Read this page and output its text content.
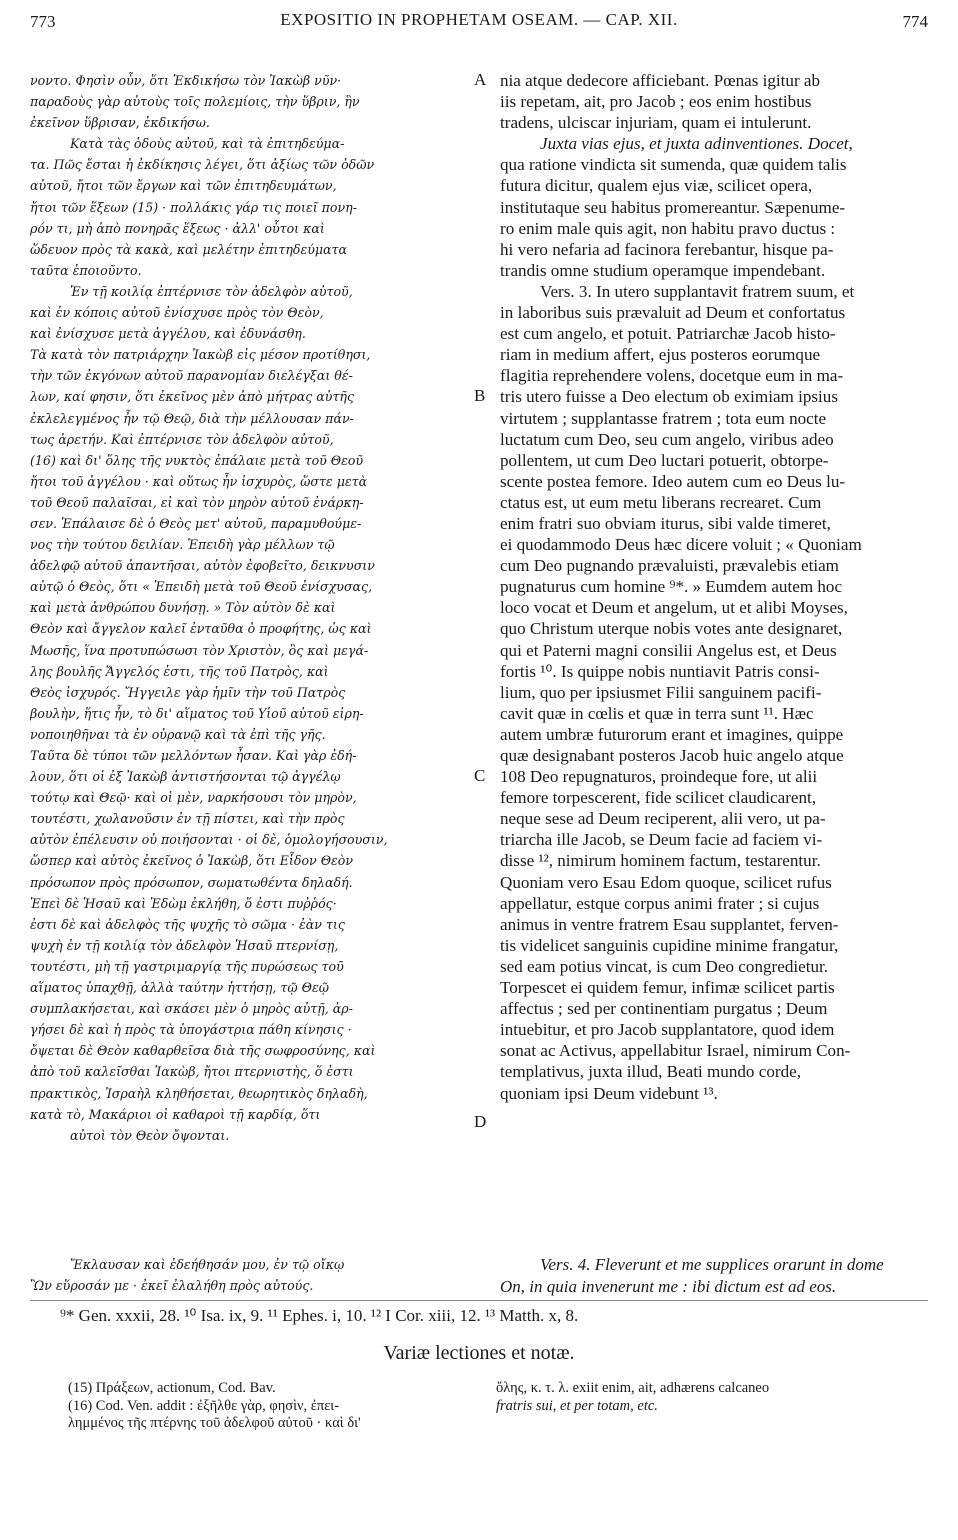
773	EXPOSITIO IN PROPHETAM OSEAM. — CAP. XII.	774
νοντο. Φησὶν οὖν, ὅτι Ἐκδικήσω τὸν Ἰακὼβ νῦν·
παραδοὺς γὰρ αὐτοὺς τοῖς πολεμίοις, τὴν ὕβριν, ἣν
ἐκεῖνον ὕβρισαν, ἐκδικήσω.
Κατὰ τὰς ὁδοὺς αὐτοῦ, καὶ τὰ ἐπιτηδεύμα-
τα. Πῶς ἔσται ἡ ἐκδίκησις λέγει, ὅτι ἀξίως τῶν ὁδῶν
αὐτοῦ, ἤτοι τῶν ἔργων καὶ τῶν ἐπιτηδευμάτων,
ἤτοι τῶν ἕξεων (15) · πολλάκις γάρ τις ποιεῖ πονη-
ρόν τι, μὴ ἀπὸ πονηρᾶς ἕξεως · ἀλλ' οὗτοι καὶ
ὥδευον πρὸς τὰ κακὰ, καὶ μελέτην ἐπιτηδεύματα
ταῦτα ἐποιοῦντο.
Ἐν τῇ κοιλίᾳ ἐπτέρνισε τὸν ἀδελφὸν αὐτοῦ,
καὶ ἐν κόποις αὐτοῦ ἐνίσχυσε πρὸς τὸν Θεὸν,
καὶ ἐνίσχυσε μετὰ ἀγγέλου, καὶ ἐδυνάσθη.
Τὰ κατὰ τὸν πατριάρχην Ἰακὼβ εἰς μέσον προτίθησι,
τὴν τῶν ἐκγόνων αὐτοῦ παρανομίαν διελέγξαι θέ-
λων, καί φησιν, ὅτι ἐκεῖνος μὲν ἀπὸ μήτρας αὐτῆς
ἐκλελεγμένος ἦν τῷ Θεῷ, διὰ τὴν μέλλουσαν πάν-
τως ἀρετήν. Καὶ ἐπτέρνισε τὸν ἀδελφὸν αὐτοῦ,
(16) καὶ δι' ὅλης τῆς νυκτὸς ἐπάλαιε μετὰ τοῦ Θεοῦ
ἤτοι τοῦ ἀγγέλου · καὶ οὕτως ἦν ἰσχυρὸς, ὥστε μετὰ
τοῦ Θεοῦ παλαῖσαι, εἰ καὶ τὸν μηρὸν αὐτοῦ ἐνάρκη-
σεν. Ἐπάλαισε δὲ ὁ Θεὸς μετ' αὐτοῦ, παραμυθούμε-
νος τὴν τούτου δειλίαν. Ἐπειδὴ γὰρ μέλλων τῷ
ἀδελφῷ αὐτοῦ ἀπαντῆσαι, αὐτὸν ἐφοβεῖτο, δεικνυσιν
αὐτῷ ὁ Θεὸς, ὅτι « Ἐπειδὴ μετὰ τοῦ Θεοῦ ἐνίσχυσας,
καὶ μετὰ ἀνθρώπου δυνήσῃ. » Τὸν αὐτὸν δὲ καὶ
Θεὸν καὶ ἄγγελον καλεῖ ἐνταῦθα ὁ προφήτης, ὡς καὶ
Μωσῆς, ἵνα προτυπώσωσι τὸν Χριστὸν, ὃς καὶ μεγά-
λης βουλῆς Ἄγγελός ἐστι, τῆς τοῦ Πατρὸς, καὶ
Θεὸς ἰσχυρός. Ἤγγειλε γὰρ ἡμῖν τὴν τοῦ Πατρὸς
βουλὴν, ἥτις ἦν, τὸ δι' αἵματος τοῦ Υἱοῦ αὐτοῦ εἰρη-
νοποιηθῆναι τὰ ἐν οὐρανῷ καὶ τὰ ἐπὶ τῆς γῆς.
Ταῦτα δὲ τύποι τῶν μελλόντων ἦσαν. Καὶ γὰρ ἐδή-
λουν, ὅτι οἱ ἐξ Ἰακὼβ ἀντιστήσονται τῷ ἀγγέλῳ
τούτῳ καὶ Θεῷ· καὶ οἱ μὲν, ναρκήσουσι τὸν μηρὸν,
τουτέστι, χωλανοῦσιν ἐν τῇ πίστει, καὶ τὴν πρὸς
αὐτὸν ἐπέλευσιν οὐ ποιήσονται · οἱ δὲ, ὁμολογήσουσιν,
ὥσπερ καὶ αὐτὸς ἐκεῖνος ὁ Ἰακὼβ, ὅτι Εἶδον Θεὸν
πρόσωπον πρὸς πρόσωπον, σωματωθέντα δηλαδή.
Ἐπεὶ δὲ Ἡσαῦ καὶ Ἐδὼμ ἐκλήθη, ὅ ἐστι πυῤῥός·
ἐστι δὲ καὶ ἀδελφὸς τῆς ψυχῆς τὸ σῶμα · ἐὰν τις
ψυχὴ ἐν τῇ κοιλίᾳ τὸν ἀδελφὸν Ἡσαῦ πτερνίσῃ,
τουτέστι, μὴ τῇ γαστριμαργίᾳ τῆς πυρώσεως τοῦ
αἵματος ὑπαχθῇ, ἀλλὰ ταύτην ἡττήσῃ, τῷ Θεῷ
συμπλακήσεται, καὶ σκάσει μὲν ὁ μηρὸς αὐτῇ, ἀρ-
γήσει δὲ καὶ ἡ πρὸς τὰ ὑπογάστρια πάθη κίνησις ·
ὄψεται δὲ Θεὸν καθαρθεῖσα διὰ τῆς σωφροσύνης, καὶ
ἀπὸ τοῦ καλεῖσθαι Ἰακὼβ, ἤτοι πτερνιστὴς, ὅ ἐστι
πρακτικὸς, Ἰσραὴλ κληθήσεται, θεωρητικὸς δηλαδὴ,
κατὰ τὸ, Μακάριοι οἱ καθαροὶ τῇ καρδίᾳ, ὅτι
αὐτοὶ τὸν Θεὸν ὄψονται.
nia atque dedecore afficiebant. Pœnas igitur ab
iis repetam, ait, pro Jacob ; eos enim hostibus
tradens, ulciscar injuriam, quam ei intulerunt.
Juxta vias ejus, et juxta adinventiones. Docet,
qua ratione vindicta sit sumenda, quæ quidem talis
futura dicitur, qualem ejus viæ, scilicet opera,
institutaque seu habitus promereantur. Sæpenume-
ro enim male quis agit, non habitu pravo ductus :
hi vero nefaria ad facinora ferebantur, hisque pa-
trandis omne studium operamque impendebant.
Vers. 3. In utero supplantavit fratrem suum, et
in laboribus suis prævaluit ad Deum et confortatus
est cum angelo, et potuit. Patriarchæ Jacob histo-
riam in medium affert, ejus posteros eorumque
flagitia reprehendere volens, docetque eum in ma-
tris utero fuisse a Deo electum ob eximiam ipsius
virtutem ; supplantasse fratrem ; tota eum nocte
luctatum cum Deo, seu cum angelo, viribus adeo
pollentem, ut cum Deo luctari potuerit, obtorpe-
scente postea femore. Ideo autem cum eo Deus lu-
ctatus est, ut eum metu liberans recrearet. Cum
enim fratri suo obviam iturus, sibi valde timeret,
ei quodammodo Deus hæc dicere voluit ; « Quoniam
cum Deo pugnando prævaluisti, prævalebis etiam
pugnaturus cum homine ⁹*. » Eumdem autem hoc
loco vocat et Deum et angelum, ut et alibi Moyses,
quo Christum uterque nobis votes ante designaret,
qui et Paterni magni consilii Angelus est, et Deus
fortis ¹⁰. Is quippe nobis nuntiavit Patris consi-
lium, quo per ipsiusmet Filii sanguinem pacifi-
cavit quæ in cœlis et quæ in terra sunt ¹¹. Hæc
autem umbræ futurorum erant et imagines, quippe
quæ designabant posteros Jacob huic angelo atque
108 Deo repugnaturos, proindeque fore, ut alii
femore torpescerent, fide scilicet claudicarent,
neque sese ad Deum reciperent, alii vero, ut pa-
triarcha ille Jacob, se Deum facie ad faciem vi-
disse ¹², nimirum hominem factum, testarentur.
Quoniam vero Esau Edom quoque, scilicet rufus
appellatur, estque corpus animi frater ; si cujus
animus in ventre fratrem Esau supplantet, ferven-
tis videlicet sanguinis cupidine minime frangatur,
sed eam potius vincat, is cum Deo congredietur.
Torpescet ei quidem femur, infimæ scilicet partis
affectus ; sed per continentiam purgatus ; Deum
intuebitur, et pro Jacob supplantatore, quod idem
sonat ac Activus, appellabitur Israel, nimirum Con-
templativus, juxta illud, Beati mundo corde,
quoniam ipsi Deum videbunt ¹³.
A
B
C
D
Ἔκλαυσαν καὶ ἐδεήθησάν μου, ἐν τῷ οἴκῳ
Ὢν εὕροσάν με · ἐκεῖ ἐλαλήθη πρὸς αὐτούς.
Vers. 4. Fleverunt et me supplices orarunt in dome
On, in quia invenerunt me : ibi dictum est ad eos.
⁹* Gen. xxxii, 28. ¹⁰ Isa. ix, 9. ¹¹ Ephes. i, 10. ¹² I Cor. xiii, 12. ¹³ Matth. x, 8.
Variæ lectiones et notæ.
(15) Πράξεων, actionum, Cod. Bav.
(16) Cod. Ven. addit : ἐξῆλθε γὰρ, φησὶν, ἐπει-
λημμένος τῆς πτέρνης τοῦ ἀδελφοῦ αὐτοῦ · καὶ δι'
ὅλης, κ. τ. λ. exiit enim, ait, adhærens calcaneo
fratris sui, et per totam, etc.
